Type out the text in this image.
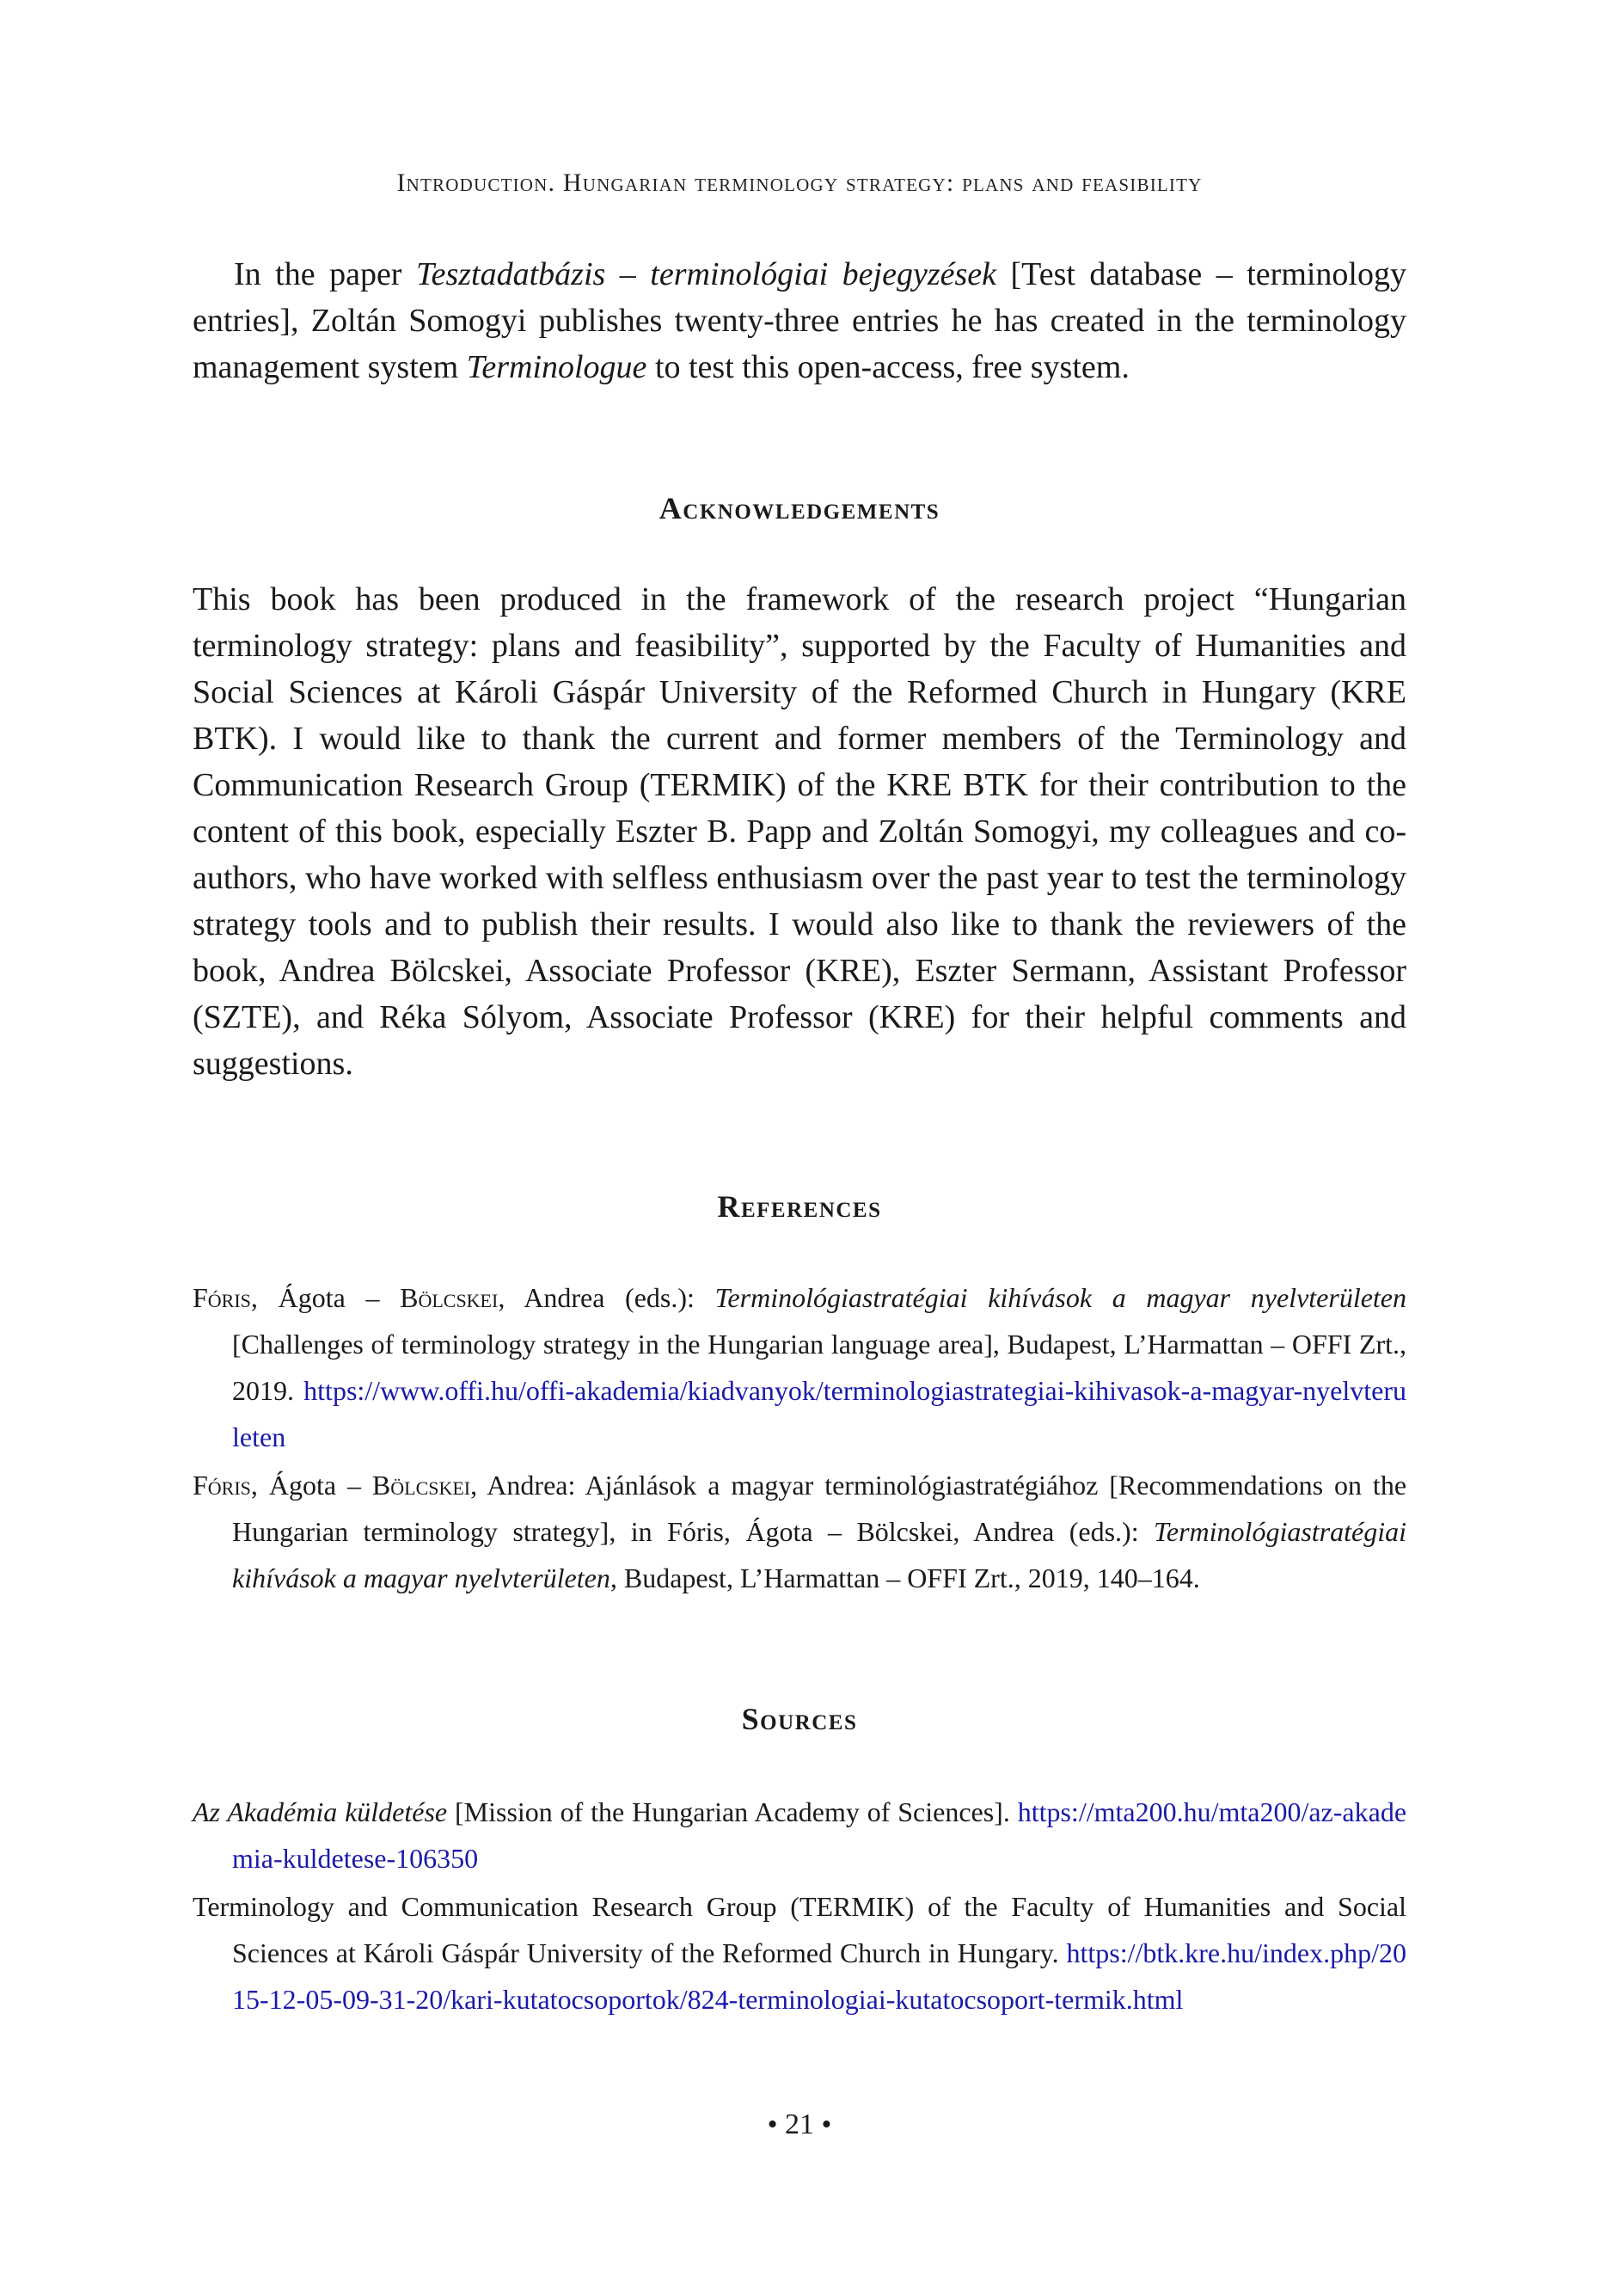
Introduction. Hungarian terminology strategy: plans and feasibility

In the paper Tesztadatbázis – terminológiai bejegyzések [Test database – terminology entries], Zoltán Somogyi publishes twenty-three entries he has created in the terminology management system Terminologue to test this open-access, free system.

Acknowledgements

This book has been produced in the framework of the research project “Hungarian terminology strategy: plans and feasibility”, supported by the Faculty of Humanities and Social Sciences at Károli Gáspár University of the Reformed Church in Hungary (KRE BTK). I would like to thank the current and former members of the Terminology and Communication Research Group (TERMIK) of the KRE BTK for their contribution to the content of this book, especially Eszter B. Papp and Zoltán Somogyi, my colleagues and co-authors, who have worked with selfless enthusiasm over the past year to test the terminology strategy tools and to publish their results. I would also like to thank the reviewers of the book, Andrea Bölcskei, Associate Professor (KRE), Eszter Sermann, Assistant Professor (SZTE), and Réka Sólyom, Associate Professor (KRE) for their helpful comments and suggestions.

References

Fóris, Ágota – Bölcskei, Andrea (eds.): Terminológiastratégiai kihívások a magyar nyelvterületen [Challenges of terminology strategy in the Hungarian language area], Budapest, L’Harmattan – OFFI Zrt., 2019. https://www.offi.hu/offi-akademia/kiadvanyok/terminologiastrategiai-kihivasok-a-magyar-nyelvteruleten

Fóris, Ágota – Bölcskei, Andrea: Ajánlások a magyar terminológiastratégiához [Recommendations on the Hungarian terminology strategy], in Fóris, Ágota – Bölcskei, Andrea (eds.): Terminológiastratégiai kihívások a magyar nyelvterületen, Budapest, L’Harmattan – OFFI Zrt., 2019, 140–164.

Sources

Az Akadémia küldetése [Mission of the Hungarian Academy of Sciences]. https://mta200.hu/mta200/az-akademia-kuldetese-106350

Terminology and Communication Research Group (TERMIK) of the Faculty of Humanities and Social Sciences at Károli Gáspár University of the Reformed Church in Hungary. https://btk.kre.hu/index.php/2015-12-05-09-31-20/kari-kutatocsoportok/824-terminologiai-kutatocsoport-termik.html

• 21 •
